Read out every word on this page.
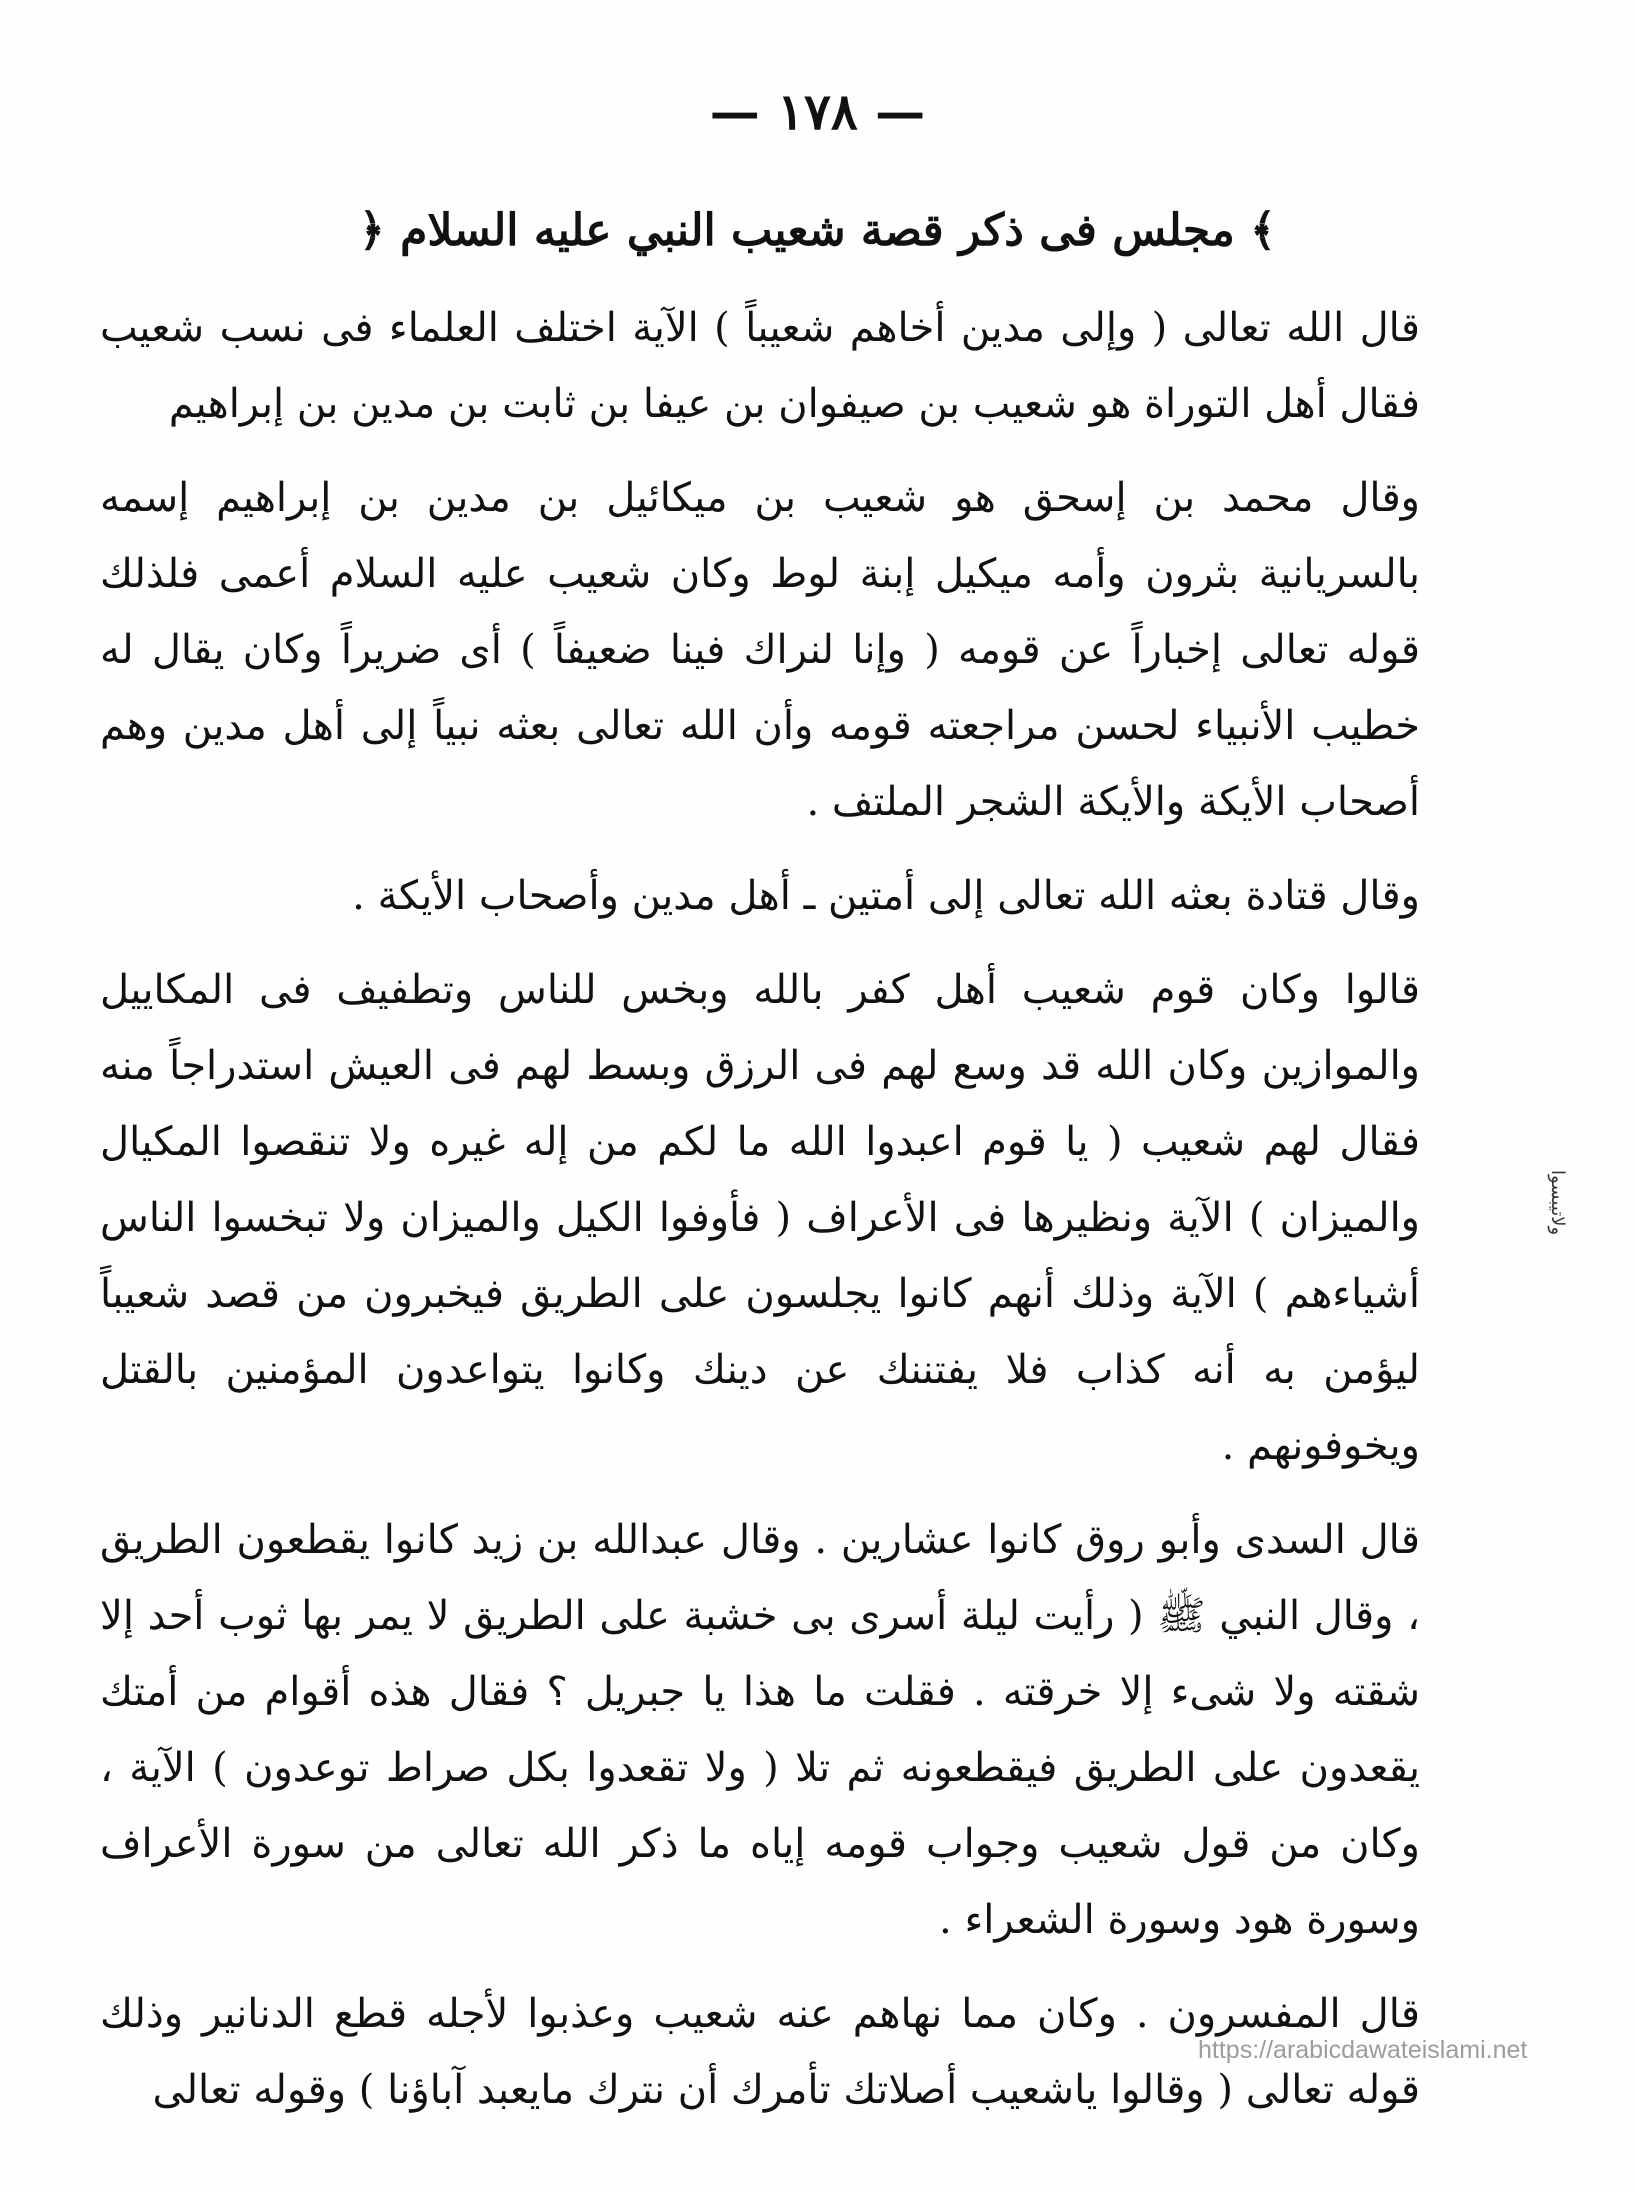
— ۱۷۸ —
﴿ مجلس فى ذكر قصة شعيب النبي عليه السلام ﴾

قال الله تعالى ( وإلى مدين أخاهم شعيباً ) الآية اختلف العلماء فى نسب شعيب فقال أهل التوراة هو شعيب بن صيفوان بن عيفا بن ثابت بن مدين بن إبراهيم

وقال محمد بن إسحق هو شعيب بن ميكائيل بن مدين بن إبراهيم إسمه بالسريانية بثرون وأمه ميكيل إبنة لوط وكان شعيب عليه السلام أعمى فلذلك قوله تعالى إخباراً عن قومه ( وإنا لنراك فينا ضعيفاً ) أى ضريراً وكان يقال له خطيب الأنبياء لحسن مراجعته قومه وأن الله تعالى بعثه نبياً إلى أهل مدين وهم أصحاب الأيكة والأيكة الشجر الملتف .

وقال قتادة بعثه الله تعالى إلى أمتين ـ أهل مدين وأصحاب الأيكة .

قالوا وكان قوم شعيب أهل كفر بالله وبخس للناس وتطفيف فى المكاييل والموازين وكان الله قد وسع لهم فى الرزق وبسط لهم فى العيش استدراجاً منه فقال لهم شعيب ( يا قوم اعبدوا الله ما لكم من إله غيره ولا تنقصوا المكيال والميزان ) الآية ونظيرها فى الأعراف ( فأوفوا الكيل والميزان ولا تبخسوا الناس أشياءهم ) الآية وذلك أنهم كانوا يجلسون على الطريق فيخبرون من قصد شعيباً ليؤمن به أنه كذاب فلا يفتننك عن دينك وكانوا يتواعدون المؤمنين بالقتل ويخوفونهم .

قال السدى وأبو روق كانوا عشارين . وقال عبدالله بن زيد كانوا يقطعون الطريق ، وقال النبي ﷺ ( رأيت ليلة أسرى بى خشبة على الطريق لا يمر بها ثوب أحد إلا شقته ولا شىء إلا خرقته . فقلت ما هذا يا جبريل ؟ فقال هذه أقوام من أمتك يقعدون على الطريق فيقطعونه ثم تلا ( ولا تقعدوا بكل صراط توعدون ) الآية ، وكان من قول شعيب وجواب قومه إياه ما ذكر الله تعالى من سورة الأعراف وسورة هود وسورة الشعراء .

قال المفسرون . وكان مما نهاهم عنه شعيب وعذبوا لأجله قطع الدنانير وذلك قوله تعالى ( وقالوا ياشعيب أصلاتك تأمرك أن نترك مايعبد آباؤنا ) وقوله تعالى

ولاتيبسوا
https://arabicdawateislami.net
